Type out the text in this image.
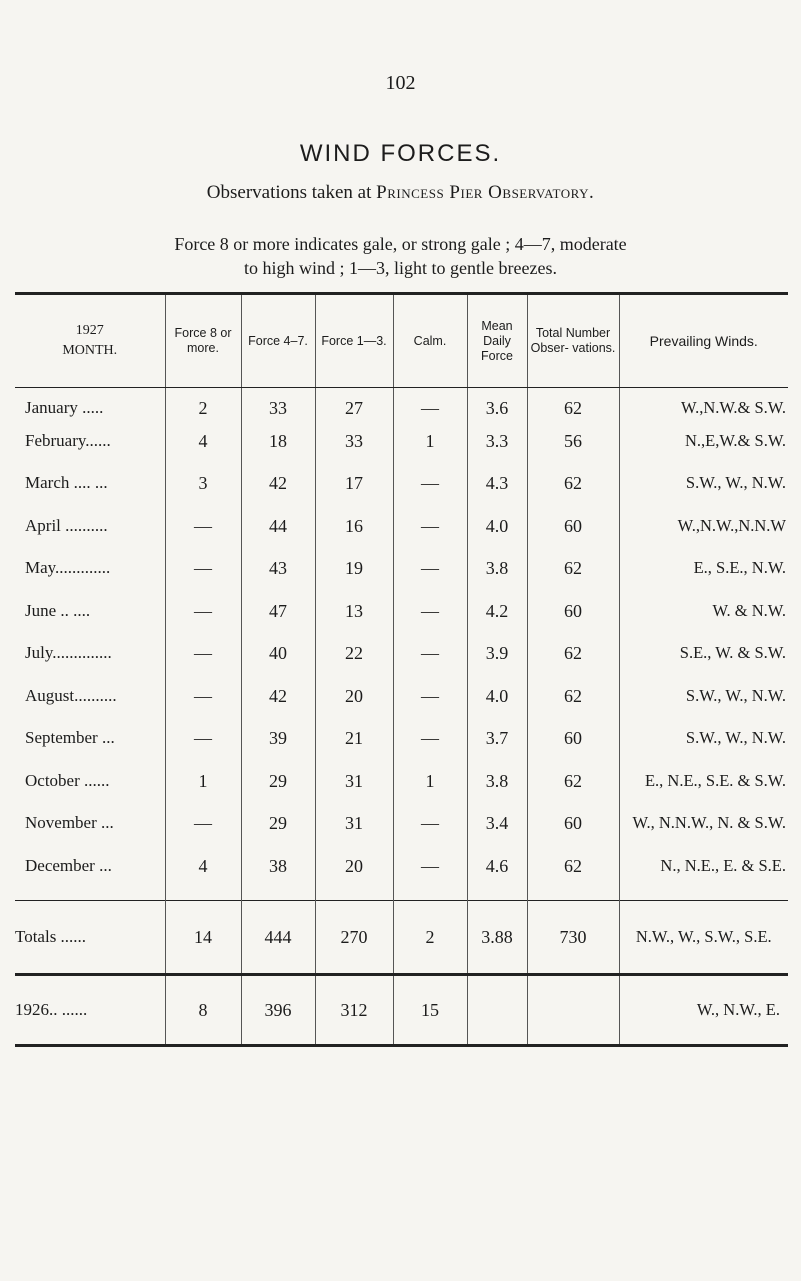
102
WIND FORCES.
Observations taken at Princess Pier Observatory.
Force 8 or more indicates gale, or strong gale ; 4—7, moderate
to high wind ; 1—3, light to gentle breezes.
1927
MONTH.	Force 8 or more.	Force 4–7.	Force 1—3.	Calm.	Mean Daily Force	Total Number Obser- vations.	Prevailing Winds.
January .....	2	33	27	—	3.6	62	W.,N.W.& S.W.
February......	4	18	33	1	3.3	56	N.,E,W.& S.W.
March .... ...	3	42	17	—	4.3	62	S.W., W., N.W.
April ..........	—	44	16	—	4.0	60	W.,N.W.,N.N.W
May.............	—	43	19	—	3.8	62	E., S.E., N.W.
June .. ....	—	47	13	—	4.2	60	W. & N.W.
July..............	—	40	22	—	3.9	62	S.E., W. & S.W.
August..........	—	42	20	—	4.0	62	S.W., W., N.W.
September ...	—	39	21	—	3.7	60	S.W., W., N.W.
October ......	1	29	31	1	3.8	62	E., N.E., S.E. & S.W.
November ...	—	29	31	—	3.4	60	W., N.N.W., N. & S.W.
December ...	4	38	20	—	4.6	62	N., N.E., E. & S.E.
Totals ......	14	444	270	2	3.88	730	N.W., W., S.W., S.E.
1926.. ......	8	396	312	15			W., N.W., E.
